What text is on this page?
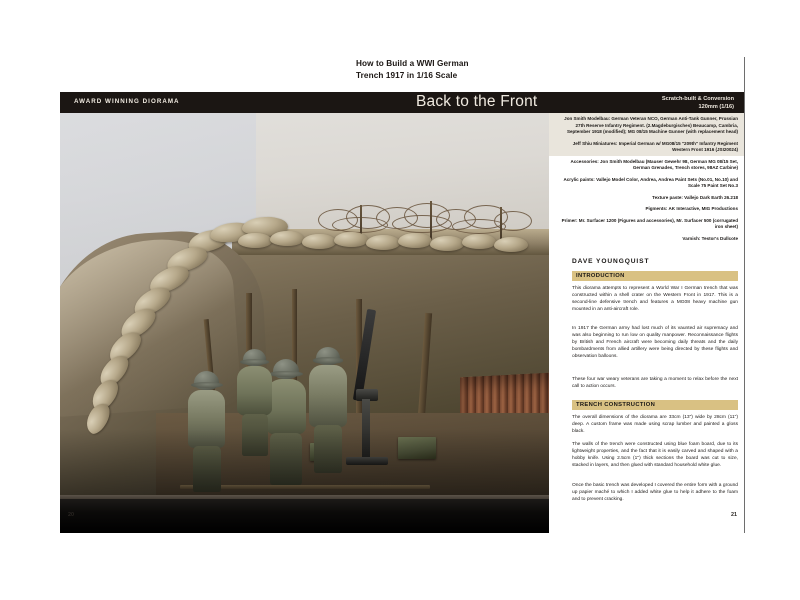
AWARD WINNING DIORAMA	Back to the Front	Scratch-built & Conversion
120mm (1/16)
How to Build a WWI German
Trench 1917 in 1/16 Scale

Jon Smith Modelbau: German Veteran NCO, German Anti-Tank Gunner, Prussian 27th Reserve Infantry Regiment. (2.Magdeburgisches) Beaucamp, Cambria, September 1918 (modified); MG 08/15 Machine Gunner (with replacement head)

Jeff Shiu Miniatures: Imperial German w/ MG08/15 "209th" Infantry Regiment Western Front 1916 (JSI20024)

Accessories: Jon Smith Modelbau (Mauser Gewehr 98, German MG 08/15 Set, German Grenades, Trench stores, 98AZ Carbine)

Acrylic paints: Vallejo Model Color, Andrea, Andrea Paint Sets (No.01, No.10) and Scale 75 Paint Set No.3

Texture paste: Vallejo Dark Earth 26.218

Pigments: AK Interactive, MIG Productions

Primer: Mr. Surfacer 1200 (Figures and accessories), Mr. Surfacer 500 (corrugated iron sheet)

Varnish: Testor's Dullcote

DAVE YOUNGQUIST
INTRODUCTION
This diorama attempts to represent a World War I German trench that was constructed within a shell crater on the Western Front in 1917. This is a second-line defensive trench and features a MG08 heavy machine gun mounted in an anti-aircraft role.
In 1917 the German army had lost much of its vaunted air supremacy and was also beginning to run low on quality manpower. Reconnaissance flights by British and French aircraft were becoming daily threats and the daily bombardments from allied artillery were being directed by these flights and observation balloons.
These four war weary veterans are taking a moment to relax before the next call to action occurs.
TRENCH CONSTRUCTION
The overall dimensions of the diorama are 33cm (13") wide by 28cm (11") deep. A custom frame was made using scrap lumber and painted a gloss black.
The walls of the trench were constructed using blue foam board, due to its lightweight properties, and the fact that it is easily carved and shaped with a hobby knife. Using 2.5cm (1") thick sections the board was cut to size, stacked in layers, and then glued with standard household white glue.
Once the basic trench was developed I covered the entire form with a ground up papier maché to which I added white glue to help it adhere to the foam and to prevent cracking.
20	21
